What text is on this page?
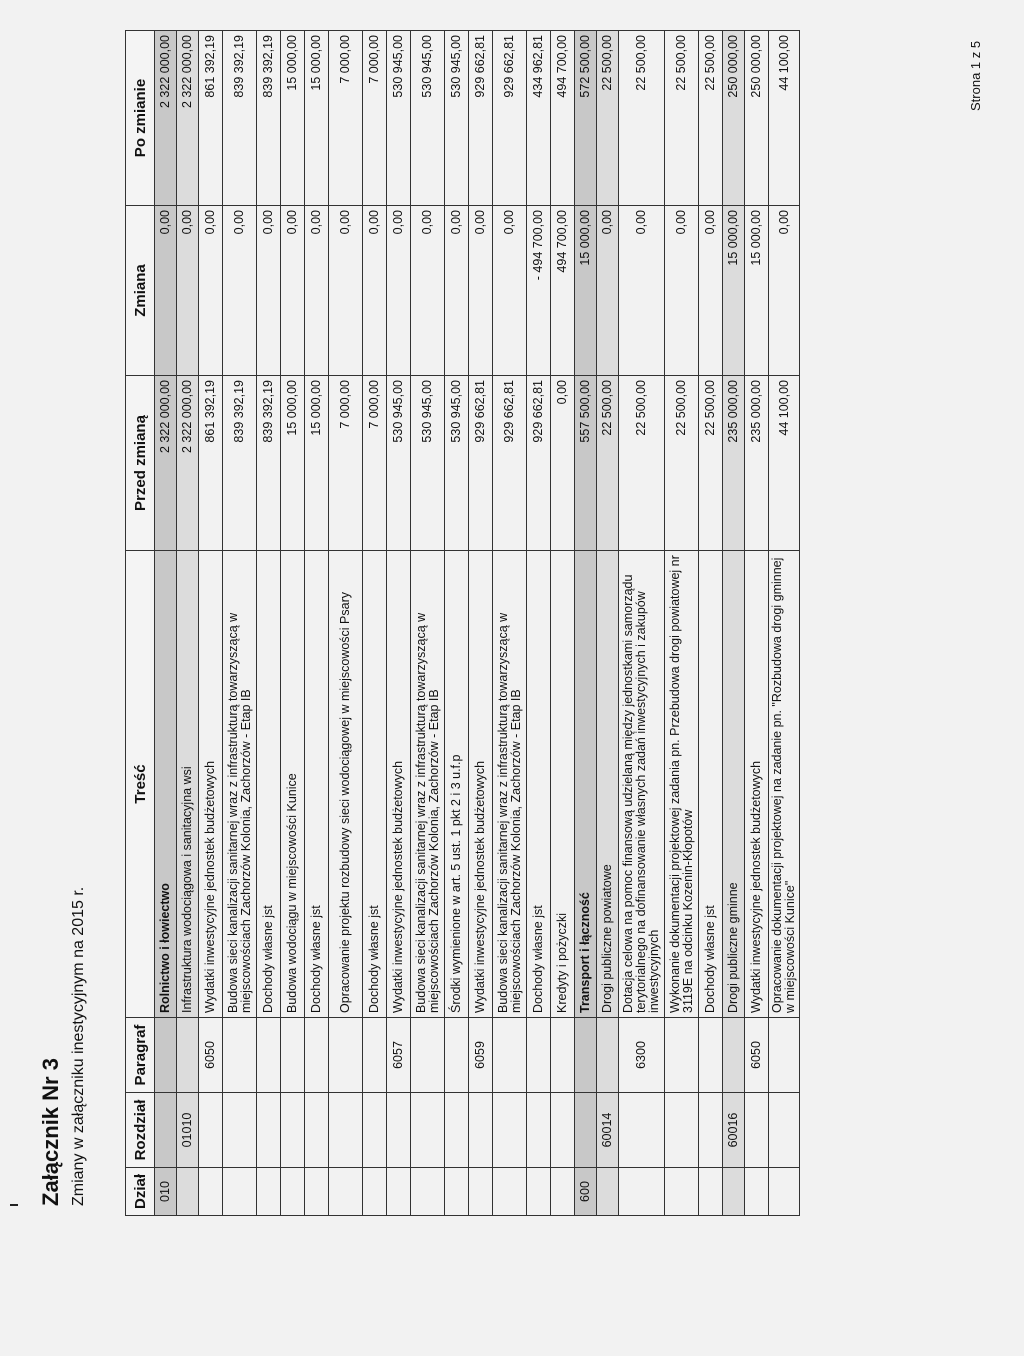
Załącznik Nr 3 Zmiany w załączniku inestycyjnym na 2015 r.	Dział	Rozdział	Paragraf	Treść	Przed zmianą	Zmiana	Po zmianie
010			Rolnictwo i łowiectwo	2 322 000,00	0,00	2 322 000,00
	01010		Infrastruktura wodociągowa i sanitacyjna wsi	2 322 000,00	0,00	2 322 000,00
		6050	Wydatki inwestycyjne jednostek budżetowych	861 392,19	0,00	861 392,19
			Budowa sieci kanalizacji sanitarnej wraz z infrastrukturą towarzyszącą w miejscowościach Zachorzów Kolonia, Zachorzów - Etap IB	839 392,19	0,00	839 392,19
			Dochody własne jst	839 392,19	0,00	839 392,19
			Budowa wodociągu w miejscowości Kunice	15 000,00	0,00	15 000,00
			Dochody własne jst	15 000,00	0,00	15 000,00
			Opracowanie projektu rozbudowy sieci wodociągowej w miejscowości Psary	7 000,00	0,00	7 000,00
			Dochody własne jst	7 000,00	0,00	7 000,00
		6057	Wydatki inwestycyjne jednostek budżetowych	530 945,00	0,00	530 945,00
			Budowa sieci kanalizacji sanitarnej wraz z infrastrukturą towarzyszącą w miejscowościach Zachorzów Kolonia, Zachorzów - Etap IB	530 945,00	0,00	530 945,00
			Środki wymienione w art. 5 ust. 1 pkt 2 i 3 u.f.p	530 945,00	0,00	530 945,00
		6059	Wydatki inwestycyjne jednostek budżetowych	929 662,81	0,00	929 662,81
			Budowa sieci kanalizacji sanitarnej wraz z infrastrukturą towarzyszącą w miejscowościach Zachorzów Kolonia, Zachorzów - Etap IB	929 662,81	0,00	929 662,81
			Dochody własne jst	929 662,81	- 494 700,00	434 962,81
			Kredyty i pożyczki	0,00	494 700,00	494 700,00
600			Transport i łączność	557 500,00	15 000,00	572 500,00
	60014		Drogi publiczne powiatowe	22 500,00	0,00	22 500,00
		6300	Dotacja celowa na pomoc finansową udzielaną między jednostkami samorządu terytorialnego na dofinansowanie własnych zadań inwestycyjnych i zakupów inwestycyjnych	22 500,00	0,00	22 500,00
			Wykonanie dokumentacji projektowej zadania pn. Przebudowa drogi powiatowej nr 3119E na odcinku Kozenin-Kłopotów	22 500,00	0,00	22 500,00
			Dochody własne jst	22 500,00	0,00	22 500,00
	60016		Drogi publiczne gminne	235 000,00	15 000,00	250 000,00
		6050	Wydatki inwestycyjne jednostek budżetowych	235 000,00	15 000,00	250 000,00
			Opracowanie dokumentacji projektowej na zadanie pn. "Rozbudowa drogi gminnej w miejscowości Kunice"	44 100,00	0,00	44 100,00	Strona 1 z 5
